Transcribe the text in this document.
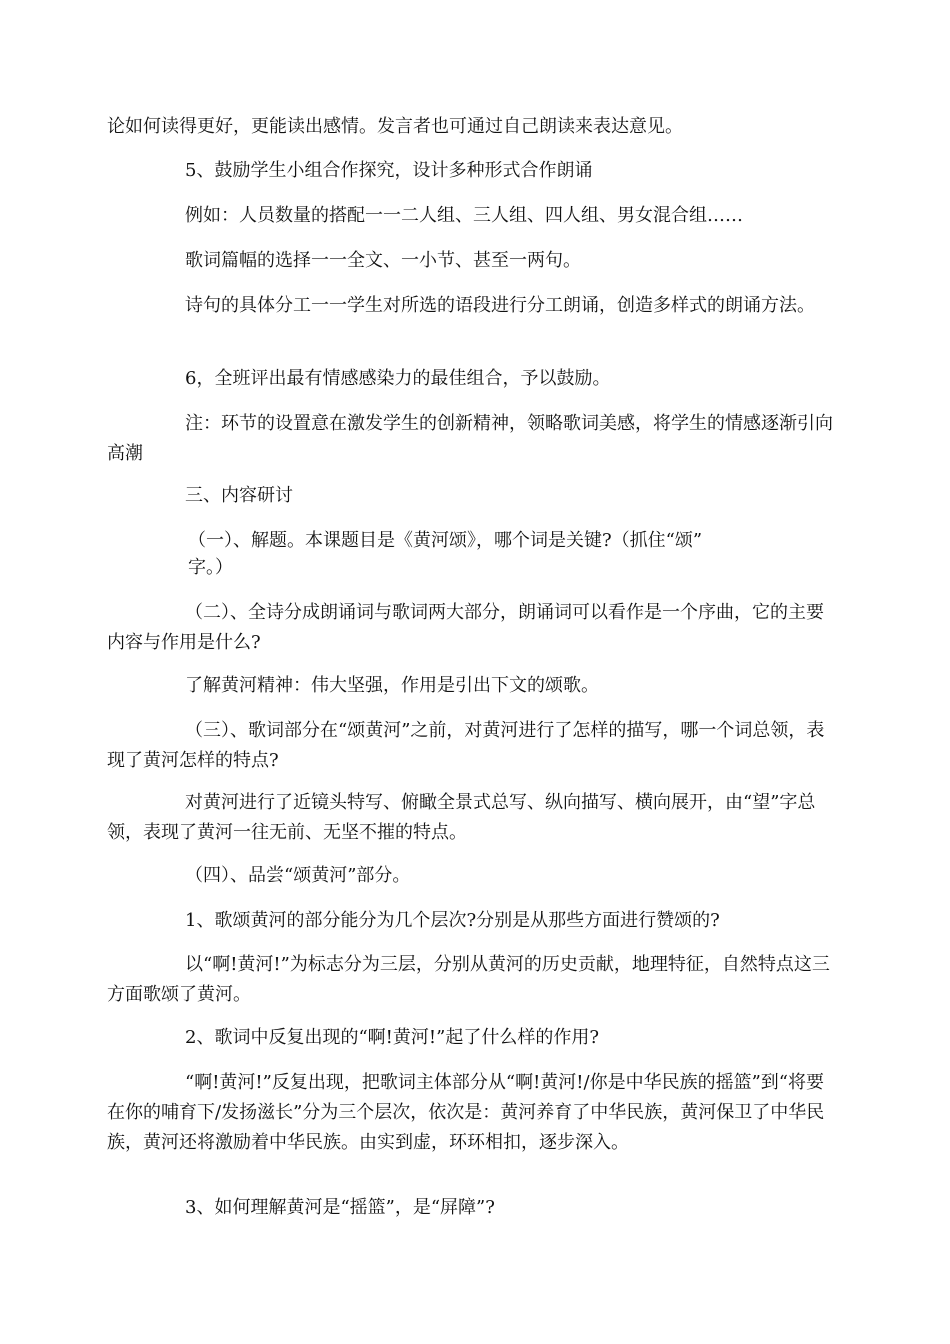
论如何读得更好，更能读出感情。发言者也可通过自己朗读来表达意见。

5、鼓励学生小组合作探究，设计多种形式合作朗诵

例如：人员数量的搭配一一二人组、三人组、四人组、男女混合组……

歌词篇幅的选择一一全文、一小节、甚至一两句。

诗句的具体分工一一学生对所选的语段进行分工朗诵，创造多样式的朗诵方法。

6，全班评出最有情感感染力的最佳组合，予以鼓励。

注：环节的设置意在激发学生的创新精神，领略歌词美感，将学生的情感逐渐引向高潮

三、内容研讨

（一）、解题。本课题目是《黄河颂》，哪个词是关键?（抓住“颂”

字。）

（二）、全诗分成朗诵词与歌词两大部分，朗诵词可以看作是一个序曲，它的主要内容与作用是什么?

了解黄河精神：伟大坚强，作用是引出下文的颂歌。

（三）、歌词部分在“颂黄河”之前，对黄河进行了怎样的描写，哪一个词总领，表现了黄河怎样的特点?

对黄河进行了近镜头特写、俯瞰全景式总写、纵向描写、横向展开，由“望”字总领，表现了黄河一往无前、无坚不摧的特点。

（四）、品尝“颂黄河”部分。

1、歌颂黄河的部分能分为几个层次?分别是从那些方面进行赞颂的?

以“啊!黄河!”为标志分为三层，分别从黄河的历史贡献，地理特征，自然特点这三方面歌颂了黄河。

2、歌词中反复出现的“啊!黄河!”起了什么样的作用?

“啊!黄河!”反复出现，把歌词主体部分从“啊!黄河!/你是中华民族的摇篮”到“将要在你的哺育下/发扬滋长”分为三个层次，依次是：黄河养育了中华民族，黄河保卫了中华民族，黄河还将激励着中华民族。由实到虚，环环相扣，逐步深入。

3、如何理解黄河是“摇篮”，是“屏障”?
